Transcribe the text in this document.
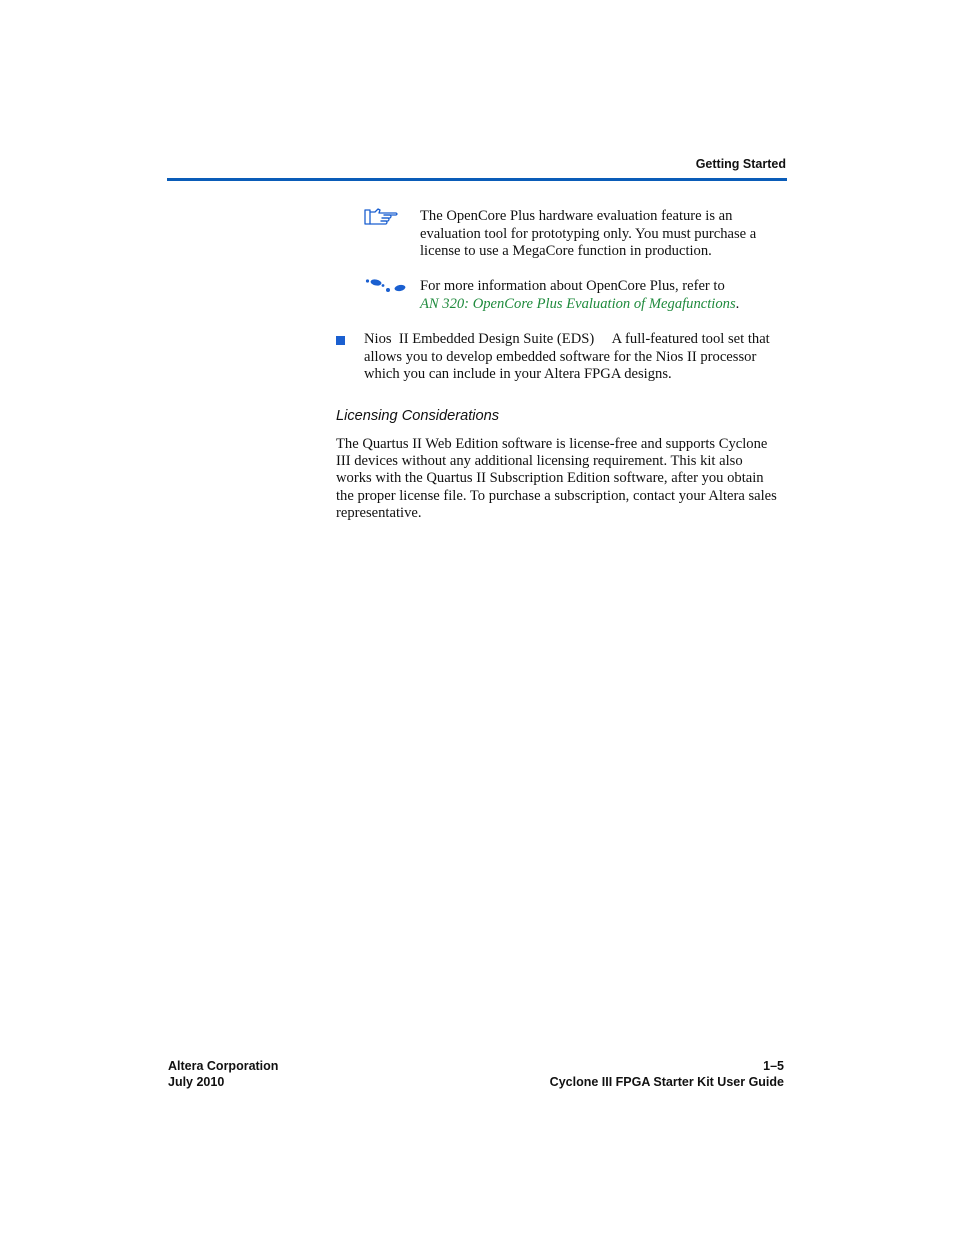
Getting Started
The OpenCore Plus hardware evaluation feature is an evaluation tool for prototyping only. You must purchase a license to use a MegaCore function in production.
For more information about OpenCore Plus, refer to
AN 320: OpenCore Plus Evaluation of Megafunctions.
Nios  II Embedded Design Suite (EDS) A full-featured tool set that allows you to develop embedded software for the Nios II processor which you can include in your Altera FPGA designs.
Licensing Considerations
The Quartus II Web Edition software is license-free and supports Cyclone III devices without any additional licensing requirement. This kit also works with the Quartus II Subscription Edition software, after you obtain the proper license file. To purchase a subscription, contact your Altera sales representative.
Altera Corporation
July 2010
1–5
Cyclone III FPGA Starter Kit User Guide
